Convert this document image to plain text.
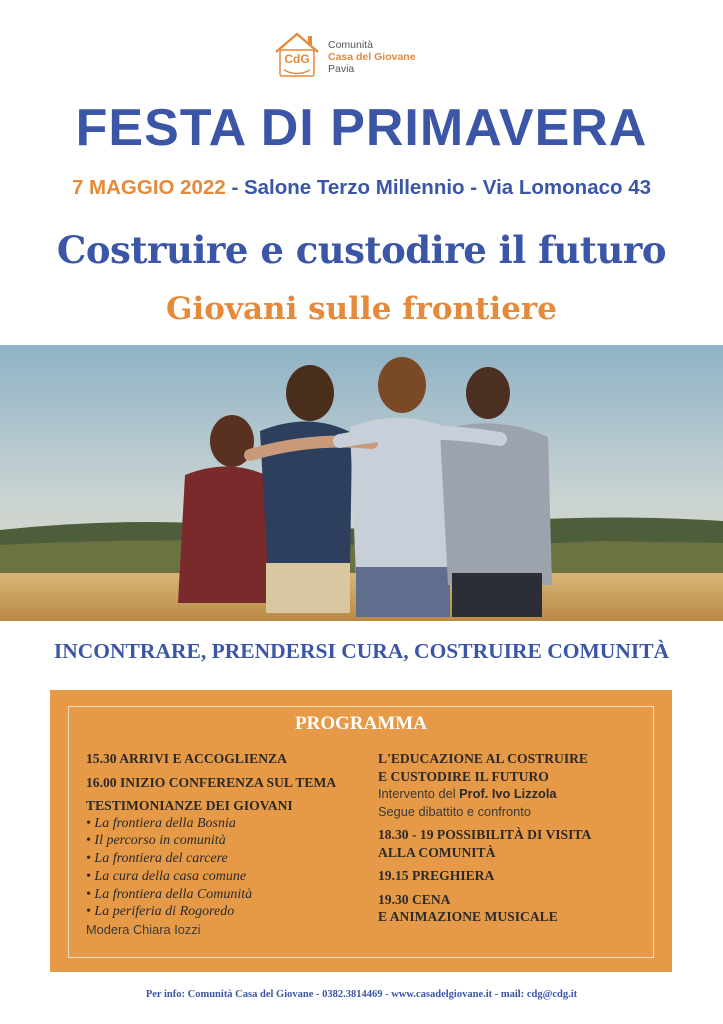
CdG
Comunità
Casa del Giovane
Pavia
FESTA DI PRIMAVERA
7 MAGGIO 2022 - Salone Terzo Millennio - Via Lomonaco 43
Costruire e custodire il futuro
Giovani sulle frontiere
INCONTRARE, PRENDERSI CURA, COSTRUIRE COMUNITÀ
PROGRAMMA
15.30 ARRIVI E ACCOGLIENZA
16.00 INIZIO CONFERENZA SUL TEMA
TESTIMONIANZE DEI GIOVANI
• La frontiera della Bosnia
• Il percorso in comunità
• La frontiera del carcere
• La cura della casa comune
• La frontiera della Comunità
• La periferia di Rogoredo
Modera Chiara Iozzi
L'EDUCAZIONE AL COSTRUIRE
E CUSTODIRE IL FUTURO
Intervento del Prof. Ivo Lizzola
Segue dibattito e confronto
18.30 - 19 POSSIBILITÀ DI VISITA
ALLA COMUNITÀ
19.15 PREGHIERA
19.30 CENA
E ANIMAZIONE MUSICALE
Per info: Comunità Casa del Giovane - 0382.3814469 - www.casadelgiovane.it - mail: cdg@cdg.it
